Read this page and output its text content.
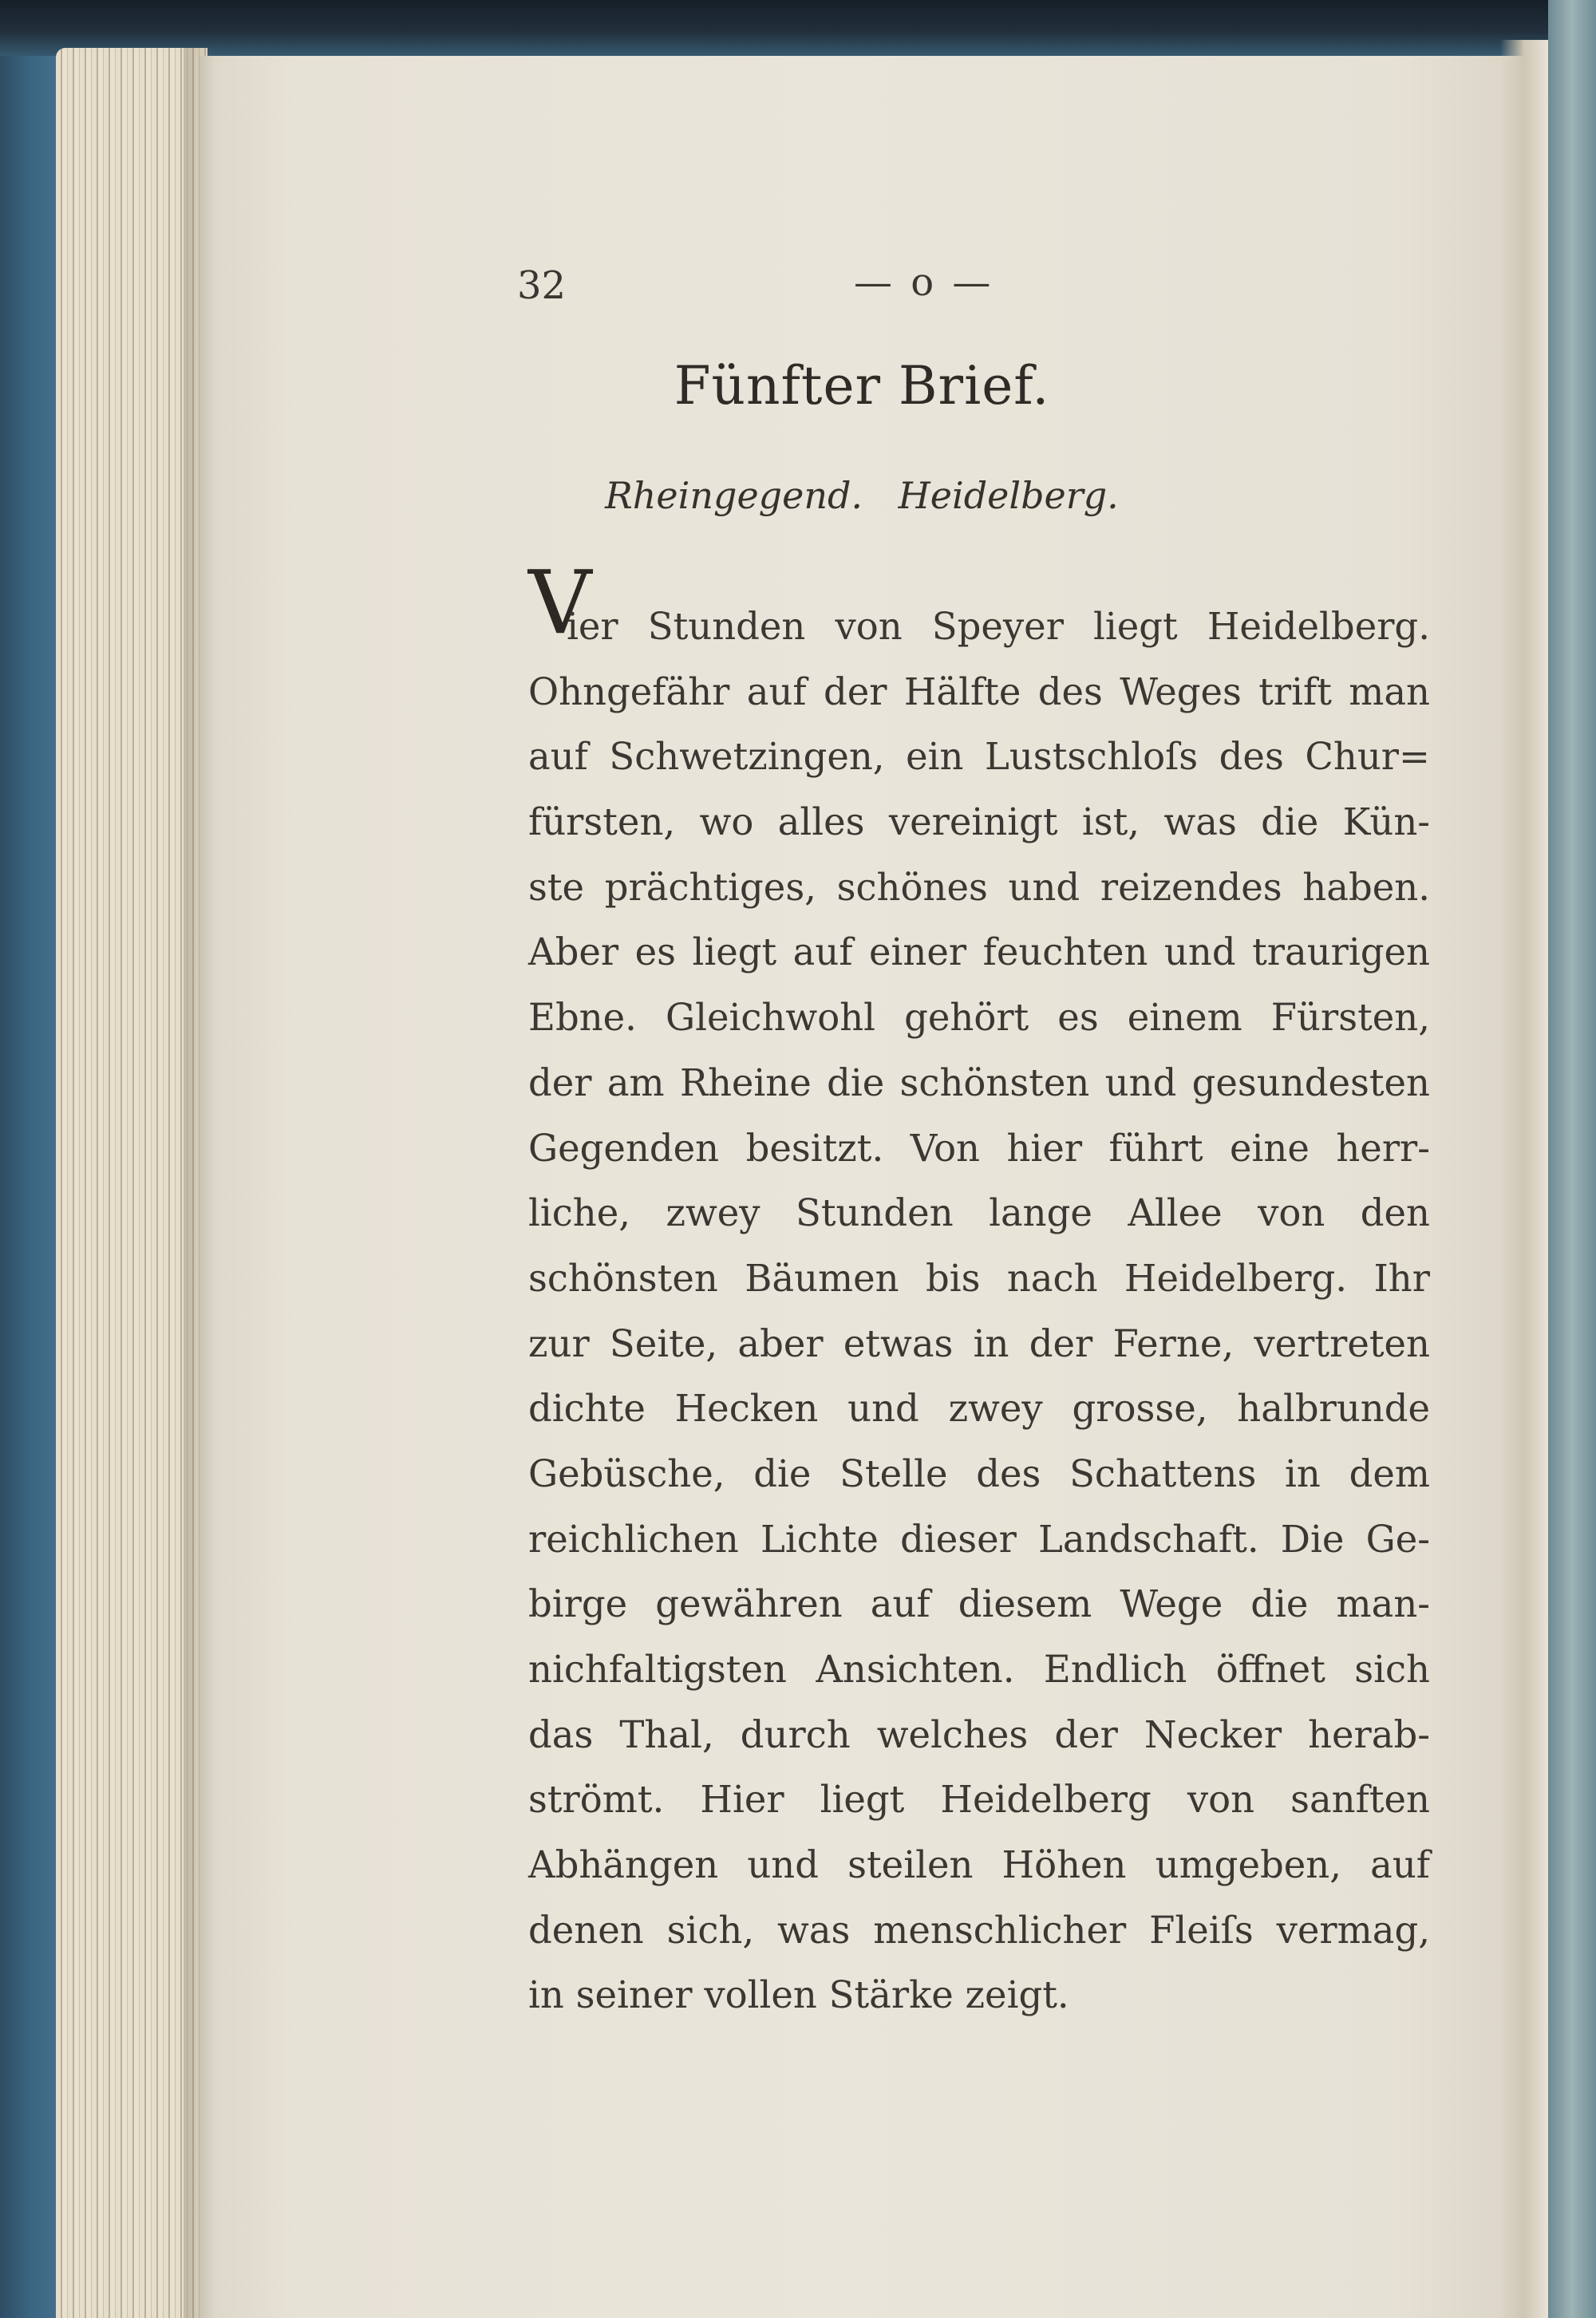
32	— o —
Fünfter Brief.
Rheingegend. Heidelberg.
V
ier Stunden von Speyer liegt Heidelberg.
Ohngefähr auf der Hälfte des Weges trift man
auf Schwetzingen, ein Lustschloſs des Chur=
fürsten, wo alles vereinigt ist, was die Kün-
ste prächtiges, schönes und reizendes haben.
Aber es liegt auf einer feuchten und traurigen
Ebne. Gleichwohl gehört es einem Fürsten,
der am Rheine die schönsten und gesundesten
Gegenden besitzt. Von hier führt eine herr-
liche, zwey Stunden lange Allee von den
schönsten Bäumen bis nach Heidelberg. Ihr
zur Seite, aber etwas in der Ferne, vertreten
dichte Hecken und zwey grosse, halbrunde
Gebüsche, die Stelle des Schattens in dem
reichlichen Lichte dieser Landschaft. Die Ge-
birge gewähren auf diesem Wege die man-
nichfaltigsten Ansichten. Endlich öffnet sich
das Thal, durch welches der Necker herab-
strömt. Hier liegt Heidelberg von sanften
Abhängen und steilen Höhen umgeben, auf
denen sich, was menschlicher Fleiſs vermag,
in seiner vollen Stärke zeigt.
